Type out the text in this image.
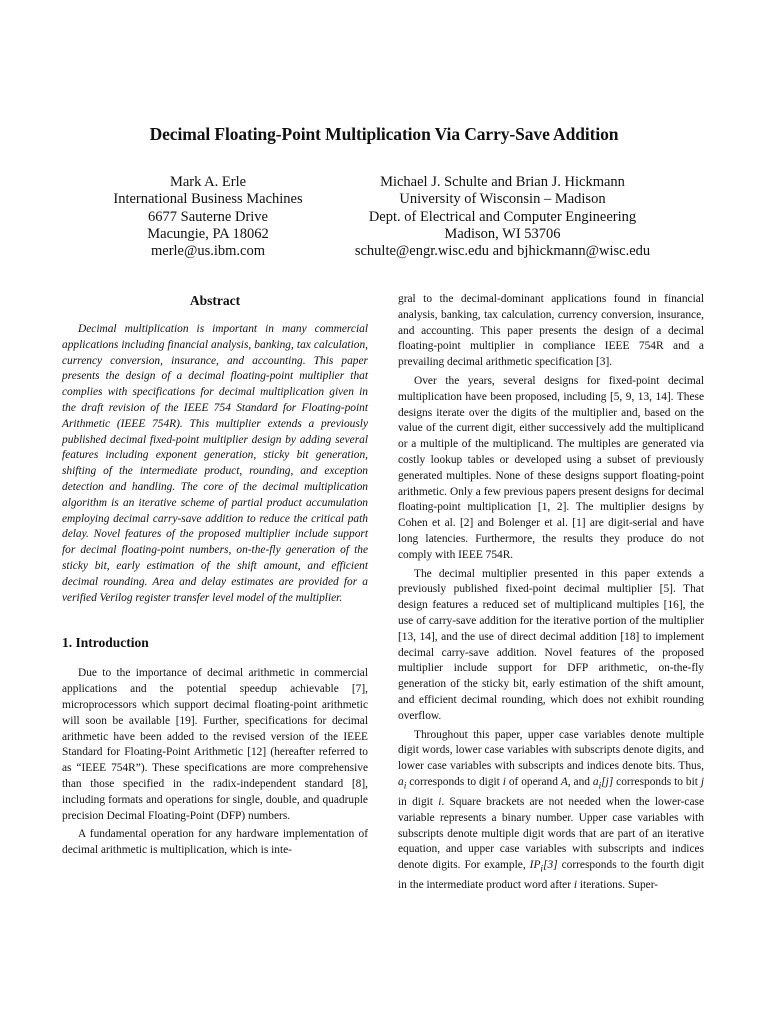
Decimal Floating-Point Multiplication Via Carry-Save Addition
Mark A. Erle
International Business Machines
6677 Sauterne Drive
Macungie, PA 18062
merle@us.ibm.com
Michael J. Schulte and Brian J. Hickmann
University of Wisconsin – Madison
Dept. of Electrical and Computer Engineering
Madison, WI 53706
schulte@engr.wisc.edu and bjhickmann@wisc.edu
Abstract

Decimal multiplication is important in many commercial applications including financial analysis, banking, tax calculation, currency conversion, insurance, and accounting. This paper presents the design of a decimal floating-point multiplier that complies with specifications for decimal multiplication given in the draft revision of the IEEE 754 Standard for Floating-point Arithmetic (IEEE 754R). This multiplier extends a previously published decimal fixed-point multiplier design by adding several features including exponent generation, sticky bit generation, shifting of the intermediate product, rounding, and exception detection and handling. The core of the decimal multiplication algorithm is an iterative scheme of partial product accumulation employing decimal carry-save addition to reduce the critical path delay. Novel features of the proposed multiplier include support for decimal floating-point numbers, on-the-fly generation of the sticky bit, early estimation of the shift amount, and efficient decimal rounding. Area and delay estimates are provided for a verified Verilog register transfer level model of the multiplier.

1. Introduction

Due to the importance of decimal arithmetic in commercial applications and the potential speedup achievable [7], microprocessors which support decimal floating-point arithmetic will soon be available [19]. Further, specifications for decimal arithmetic have been added to the revised version of the IEEE Standard for Floating-Point Arithmetic [12] (hereafter referred to as “IEEE 754R”). These specifications are more comprehensive than those specified in the radix-independent standard [8], including formats and operations for single, double, and quadruple precision Decimal Floating-Point (DFP) numbers.

A fundamental operation for any hardware implementation of decimal arithmetic is multiplication, which is inte-

gral to the decimal-dominant applications found in financial analysis, banking, tax calculation, currency conversion, insurance, and accounting. This paper presents the design of a decimal floating-point multiplier in compliance IEEE 754R and a prevailing decimal arithmetic specification [3].

Over the years, several designs for fixed-point decimal multiplication have been proposed, including [5, 9, 13, 14]. These designs iterate over the digits of the multiplier and, based on the value of the current digit, either successively add the multiplicand or a multiple of the multiplicand. The multiples are generated via costly lookup tables or developed using a subset of previously generated multiples. None of these designs support floating-point arithmetic. Only a few previous papers present designs for decimal floating-point multiplication [1, 2]. The multiplier designs by Cohen et al. [2] and Bolenger et al. [1] are digit-serial and have long latencies. Furthermore, the results they produce do not comply with IEEE 754R.

The decimal multiplier presented in this paper extends a previously published fixed-point decimal multiplier [5]. That design features a reduced set of multiplicand multiples [16], the use of carry-save addition for the iterative portion of the multiplier [13, 14], and the use of direct decimal addition [18] to implement decimal carry-save addition. Novel features of the proposed multiplier include support for DFP arithmetic, on-the-fly generation of the sticky bit, early estimation of the shift amount, and efficient decimal rounding, which does not exhibit rounding overflow.

Throughout this paper, upper case variables denote multiple digit words, lower case variables with subscripts denote digits, and lower case variables with subscripts and indices denote bits. Thus, $a_i$ corresponds to digit i of operand A, and $a_i[j]$ corresponds to bit j in digit i. Square brackets are not needed when the lower-case variable represents a binary number. Upper case variables with subscripts denote multiple digit words that are part of an iterative equation, and upper case variables with subscripts and indices denote digits. For example, $IP_i[3]$ corresponds to the fourth digit in the intermediate product word after i iterations. Super-
